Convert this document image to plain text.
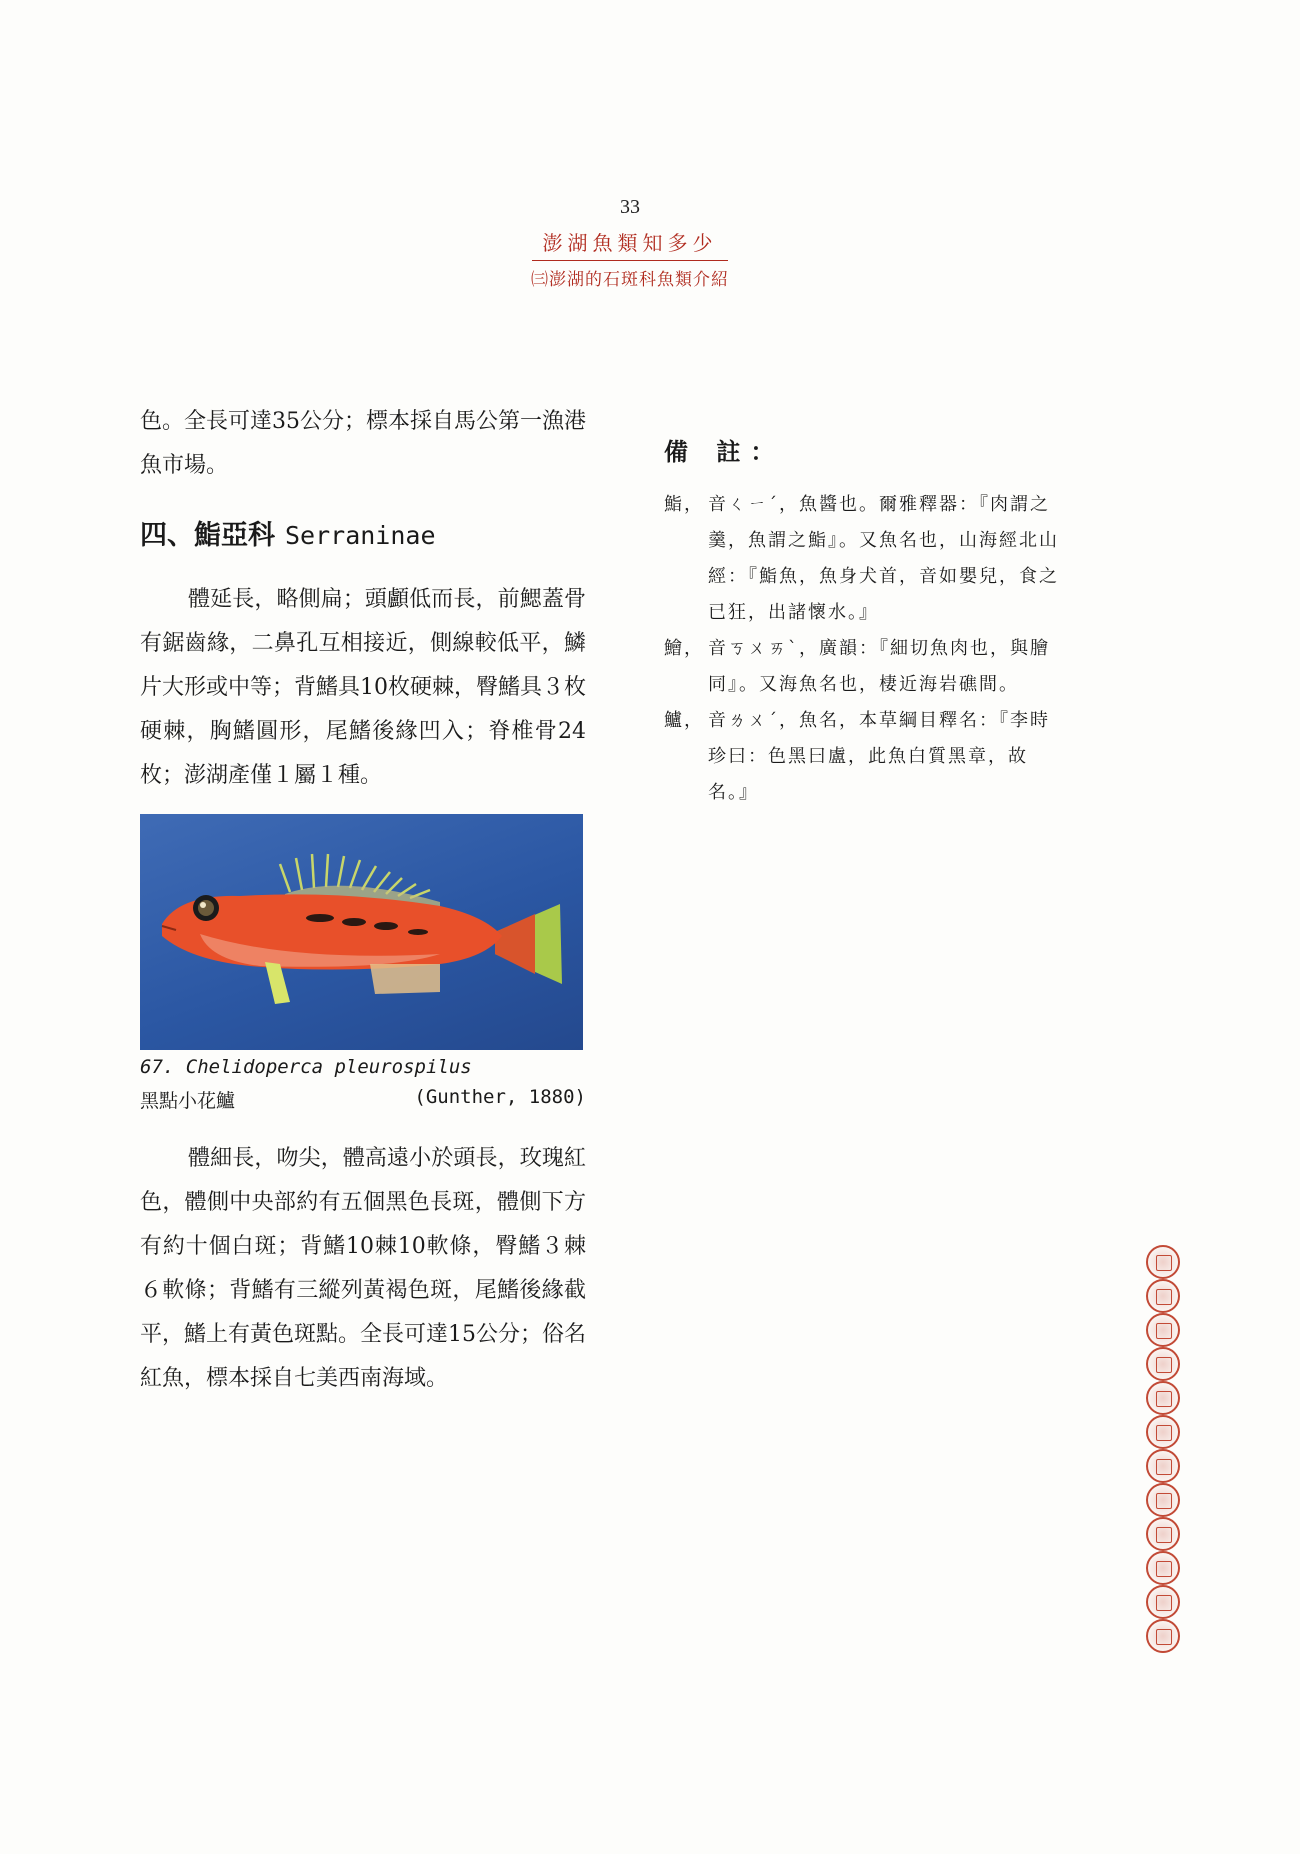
33
澎湖魚類知多少
㈢澎湖的石斑科魚類介紹

色。全長可達35公分；標本採自馬公第一漁港魚市場。

四、鮨亞科 Serraninae

體延長，略側扁；頭顱低而長，前鰓蓋骨有鋸齒緣，二鼻孔互相接近，側線較低平，鱗片大形或中等；背鰭具10枚硬棘，臀鰭具３枚硬棘，胸鰭圓形，尾鰭後緣凹入；脊椎骨24枚；澎湖產僅１屬１種。

67. Chelidoperca pleurospilus
黑點小花鱸	(Gunther, 1880)

體細長，吻尖，體高遠小於頭長，玫瑰紅色，體側中央部約有五個黑色長斑，體側下方有約十個白斑；背鰭10棘10軟條，臀鰭３棘６軟條；背鰭有三縱列黃褐色斑，尾鰭後緣截平，鰭上有黃色斑點。全長可達15公分；俗名紅魚，標本採自七美西南海域。

備 註：
鮨， 音ㄑㄧˊ，魚醬也。爾雅釋器：『肉謂之羹，魚謂之鮨』。又魚名也，山海經北山經：『鮨魚，魚身犬首，音如嬰兒，食之已狂，出諸懷水。』
鱠， 音ㄎㄨㄞˋ，廣韻：『細切魚肉也，與膾同』。又海魚名也，棲近海岩礁間。
鱸， 音ㄌㄨˊ，魚名，本草綱目釋名：『李時珍曰：色黑曰盧，此魚白質黑章，故名。』
